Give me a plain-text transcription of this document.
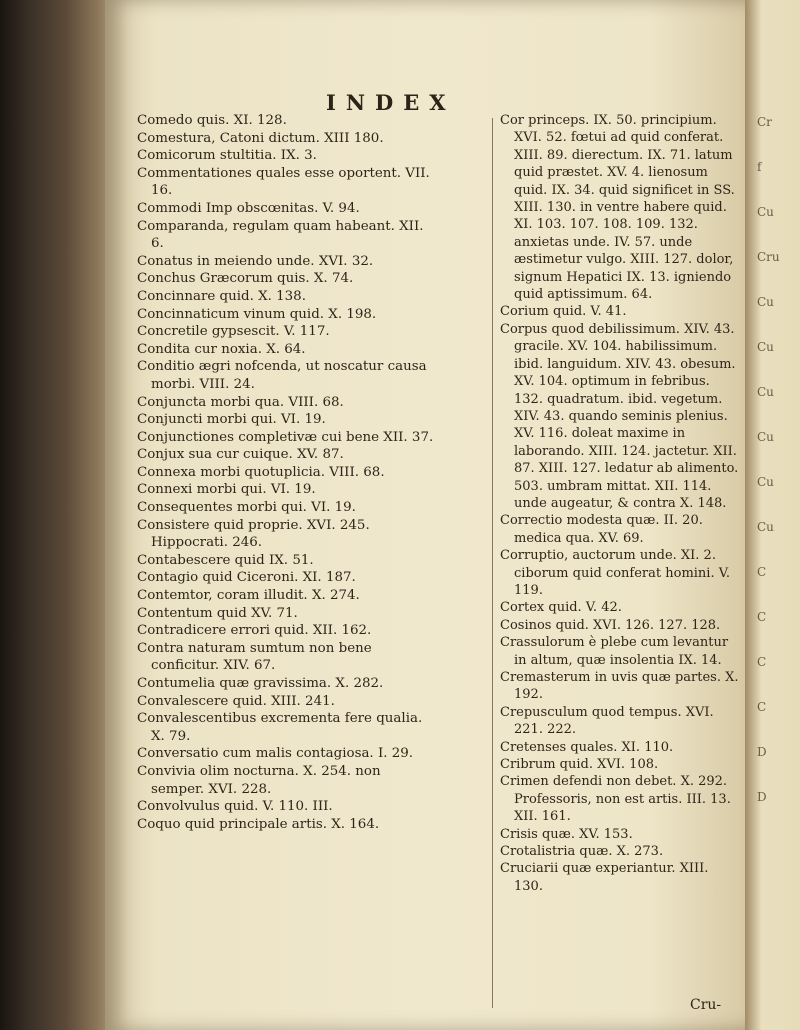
Cr
f
Cu
Cru
Cu
Cu
Cu
Cu
Cu
Cu
C
C
C
C
D
D
INDEX

Comedo quis. XI. 128.

Comestura, Catoni dictum. XIII 180.

Comicorum stultitia. IX. 3.

Commentationes quales esse oportent. VII. 16.

Commodi Imp obscœnitas. V. 94.

Comparanda, regulam quam habeant. XII. 6.

Conatus in meiendo unde. XVI. 32.

Conchus Græcorum quis. X. 74.

Concinnare quid. X. 138.

Concinnaticum vinum quid. X. 198.

Concretile gypsescit. V. 117.

Condita cur noxia. X. 64.

Conditio ægri nofcenda, ut noscatur causa morbi. VIII. 24.

Conjuncta morbi qua. VIII. 68.

Conjuncti morbi qui. VI. 19.

Conjunctiones completivæ cui bene XII. 37.

Conjux sua cur cuique. XV. 87.

Connexa morbi quotuplicia. VIII. 68.

Connexi morbi qui. VI. 19.

Consequentes morbi qui. VI. 19.

Consistere quid proprie. XVI. 245. Hippocrati. 246.

Contabescere quid IX. 51.

Contagio quid Ciceroni. XI. 187.

Contemtor, coram illudit. X. 274.

Contentum quid XV. 71.

Contradicere errori quid. XII. 162.

Contra naturam sumtum non bene conficitur. XIV. 67.

Contumelia quæ gravissima. X. 282.

Convalescere quid. XIII. 241.

Convalescentibus excrementa fere qualia. X. 79.

Conversatio cum malis contagiosa. I. 29.

Convivia olim nocturna. X. 254. non semper. XVI. 228.

Convolvulus quid. V. 110. III.

Coquo quid principale artis. X. 164.

Cor princeps. IX. 50. principium. XVI. 52. fœtui ad quid conferat. XIII. 89. dierectum. IX. 71. latum quid præstet. XV. 4. lienosum quid. IX. 34. quid significet in SS. XIII. 130. in ventre habere quid. XI. 103. 107. 108. 109. 132. anxietas unde. IV. 57. unde æstimetur vulgo. XIII. 127. dolor, signum Hepatici IX. 13. igniendo quid aptissimum. 64.

Corium quid. V. 41.

Corpus quod debilissimum. XIV. 43. gracile. XV. 104. habilissimum. ibid. languidum. XIV. 43. obesum. XV. 104. optimum in febribus. 132. quadratum. ibid. vegetum. XIV. 43. quando seminis plenius. XV. 116. doleat maxime in laborando. XIII. 124. jactetur. XII. 87. XIII. 127. ledatur ab alimento. 503. umbram mittat. XII. 114. unde augeatur, & contra X. 148.

Correctio modesta quæ. II. 20. medica qua. XV. 69.

Corruptio, auctorum unde. XI. 2. ciborum quid conferat homini. V. 119.

Cortex quid. V. 42.

Cosinos quid. XVI. 126. 127. 128.

Crassulorum è plebe cum levantur in altum, quæ insolentia IX. 14.

Cremasterum in uvis quæ partes. X. 192.

Crepusculum quod tempus. XVI. 221. 222.

Cretenses quales. XI. 110.

Cribrum quid. XVI. 108.

Crimen defendi non debet. X. 292. Professoris, non est artis. III. 13. XII. 161.

Crisis quæ. XV. 153.

Crotalistria quæ. X. 273.

Cruciarii quæ experiantur. XIII. 130.

Cru-
